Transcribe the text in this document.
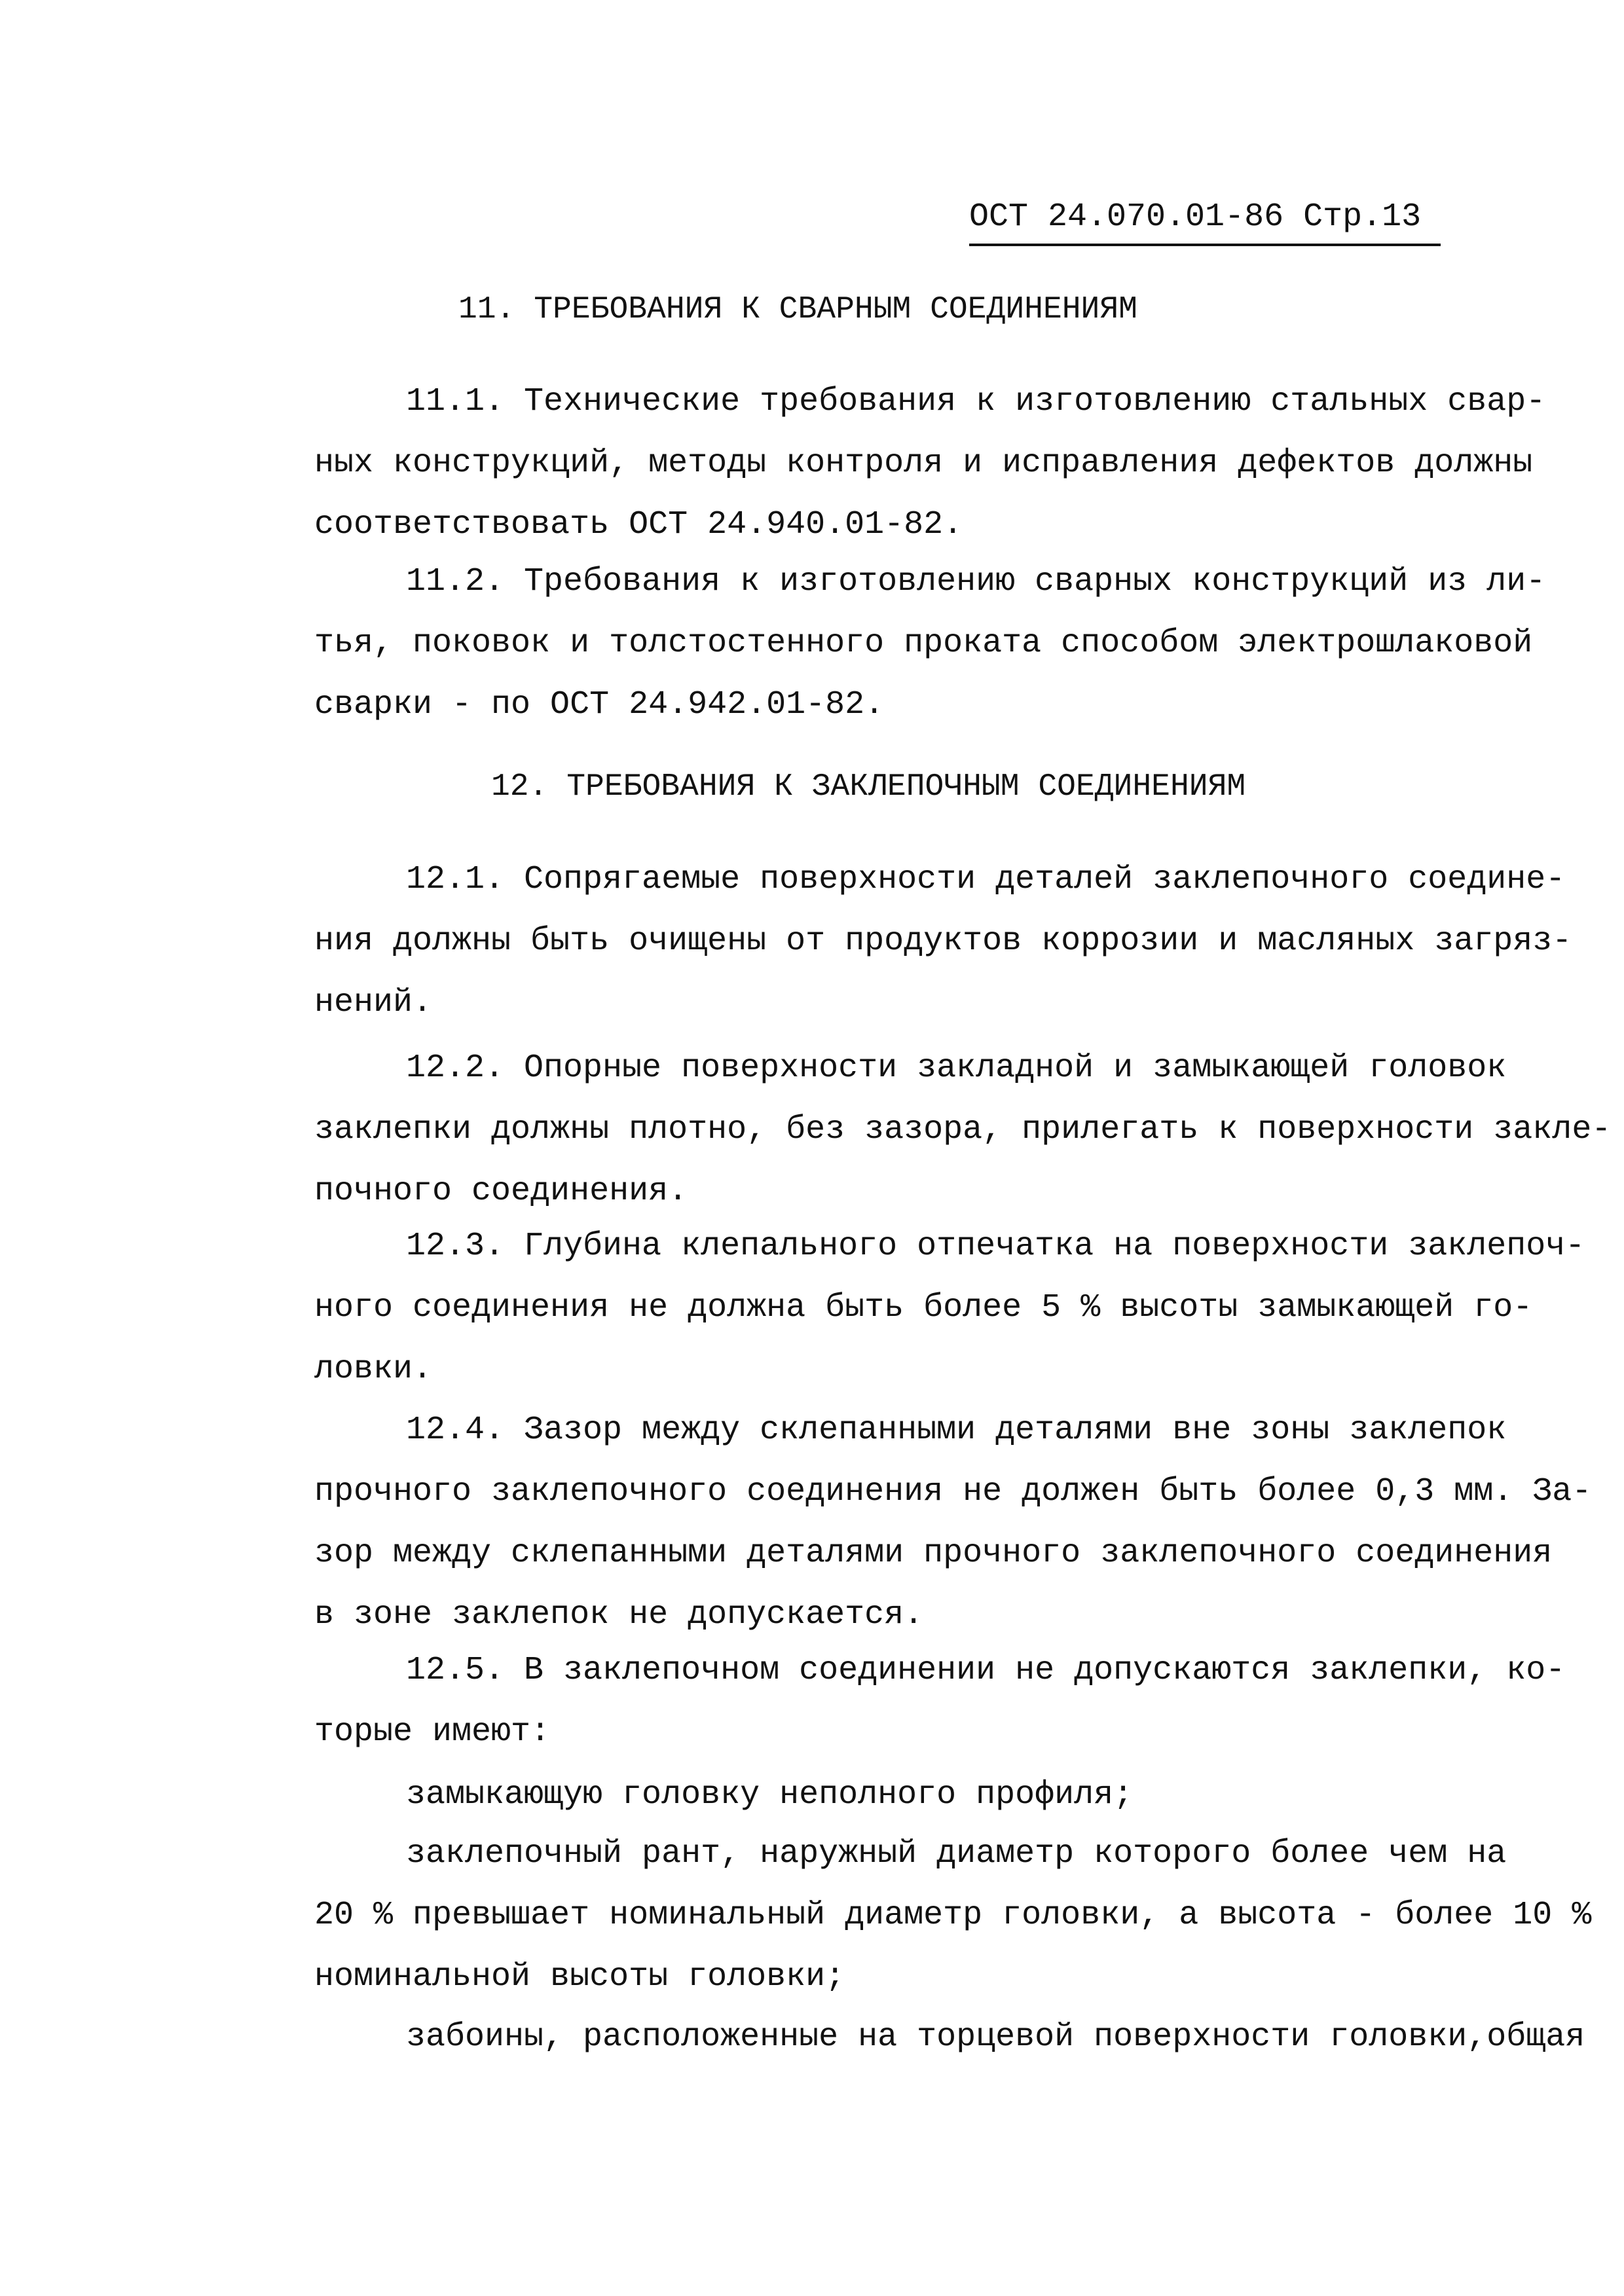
ОСТ 24.070.01-86 Стр.13
11. ТРЕБОВАНИЯ К СВАРНЫМ СОЕДИНЕНИЯМ
11.1. Технические требования к изготовлению стальных свар-
ных конструкций, методы контроля и исправления дефектов должны
соответствовать ОСТ 24.940.01-82.
11.2. Требования к изготовлению сварных конструкций из ли-
тья, поковок и толстостенного проката способом электрошлаковой
сварки - по ОСТ 24.942.01-82.
12. ТРЕБОВАНИЯ К ЗАКЛЕПОЧНЫМ СОЕДИНЕНИЯМ
12.1. Сопрягаемые поверхности деталей заклепочного соедине-
ния должны быть очищены от продуктов коррозии и масляных загряз-
нений.
12.2. Опорные поверхности закладной и замыкающей головок
заклепки должны плотно, без зазора, прилегать к поверхности закле-
почного соединения.
12.3. Глубина клепального отпечатка на поверхности заклепоч-
ного соединения не должна быть более 5 % высоты замыкающей го-
ловки.
12.4. Зазор между склепанными деталями вне зоны заклепок
прочного заклепочного соединения не должен быть более 0,3 мм. За-
зор между склепанными деталями прочного заклепочного соединения
в зоне заклепок не допускается.
12.5. В заклепочном соединении не допускаются заклепки, ко-
торые имеют:
замыкающую головку неполного профиля;
заклепочный рант, наружный диаметр которого более чем на
20 % превышает номинальный диаметр головки, а высота - более 10 %
номинальной высоты головки;
забоины, расположенные на торцевой поверхности головки,общая
